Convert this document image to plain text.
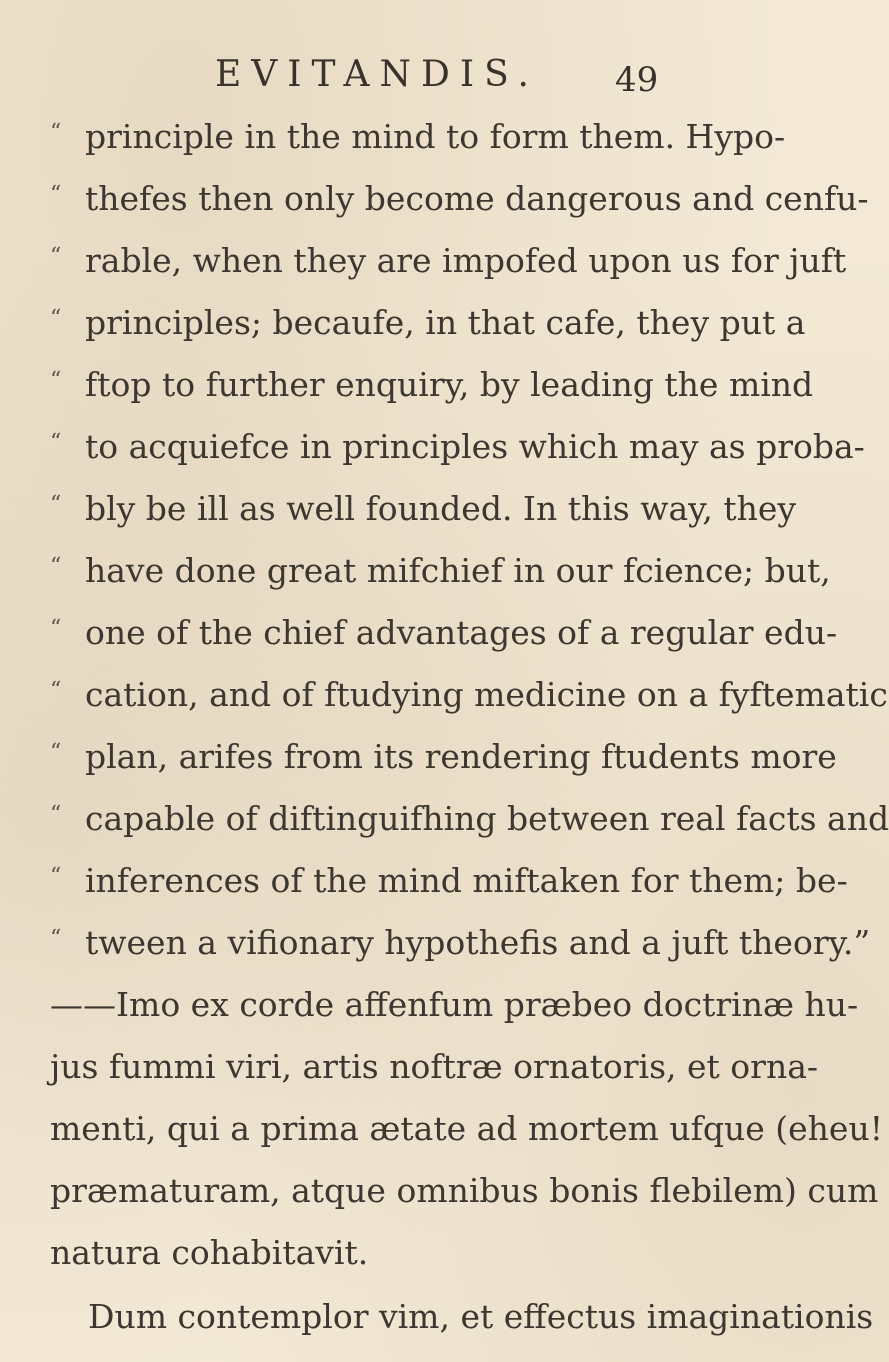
EVITANDIS. 49
“ principle in the mind to form them. Hypo-
“ thefes then only become dangerous and cenfu-
“ rable, when they are impofed upon us for juft
“ principles; becaufe, in that cafe, they put a
“ ftop to further enquiry, by leading the mind
“ to acquiefce in principles which may as proba-
“ bly be ill as well founded. In this way, they
“ have done great mifchief in our fcience; but,
“ one of the chief advantages of a regular edu-
“ cation, and of ftudying medicine on a fyftematic
“ plan, arifes from its rendering ftudents more
“ capable of diftinguifhing between real facts and
“ inferences of the mind miftaken for them; be-
“ tween a vifionary hypothefis and a juft theory.”
——Imo ex corde affenfum præbeo doctrinæ hu-
jus fummi viri, artis noftræ ornatoris, et orna-
menti, qui a prima ætate ad mortem ufque (eheu!
præmaturam, atque omnibus bonis flebilem) cum
natura cohabitavit.
Dum contemplor vim, et effectus imaginationis
